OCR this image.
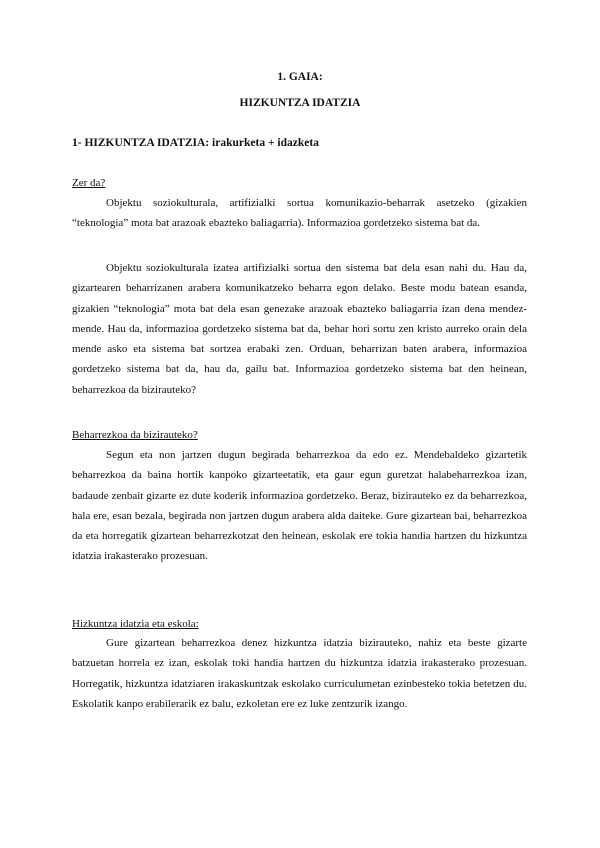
1. GAIA:
HIZKUNTZA IDATZIA
1- HIZKUNTZA IDATZIA: irakurketa + idazketa
Zer da?

Objektu soziokulturala, artifizialki sortua komunikazio-beharrak asetzeko (gizakien “teknologia” mota bat arazoak ebazteko baliagarria). Informazioa gordetzeko sistema bat da.

Objektu soziokulturala izatea artifizialki sortua den sistema bat dela esan nahi du. Hau da, gizartearen beharrizanen arabera komunikatzeko beharra egon delako. Beste modu batean esanda, gizakien “teknologia” mota bat dela esan genezake arazoak ebazteko baliagarria izan dena mendez-mende. Hau da, informazioa gordetzeko sistema bat da, behar hori sortu zen kristo aurreko orain dela mende asko eta sistema bat sortzea erabaki zen. Orduan, beharrizan baten arabera, informazioa gordetzeko sistema bat da, hau da, gailu bat. Informazioa gordetzeko sistema bat den heinean, beharrezkoa da bizirauteko?

Beharrezkoa da bizirauteko?

Segun eta non jartzen dugun begirada beharrezkoa da edo ez. Mendebaldeko gizartetik beharrezkoa da baina hortik kanpoko gizarteetatik, eta gaur egun guretzat halabeharrezkoa izan, badaude zenbait gizarte ez dute koderik informazioa gordetzeko. Beraz, bizirauteko ez da beharrezkoa, hala ere, esan bezala, begirada non jartzen dugun arabera alda daiteke. Gure gizartean bai, beharrezkoa da eta horregatik gizartean beharrezkotzat den heinean, eskolak ere tokia handia hartzen du hizkuntza idatzia irakasterako prozesuan.

Hizkuntza idatzia eta eskola:

Gure gizartean beharrezkoa denez hizkuntza idatzia bizirauteko, nahiz eta beste gizarte batzuetan horrela ez izan, eskolak toki handia hartzen du hizkuntza idatzia irakasterako prozesuan. Horregatik, hizkuntza idatziaren irakaskuntzak eskolako curriculumetan ezinbesteko tokia betetzen du. Eskolatik kanpo erabilerarik ez balu, ezkoletan ere ez luke zentzurik izango.
